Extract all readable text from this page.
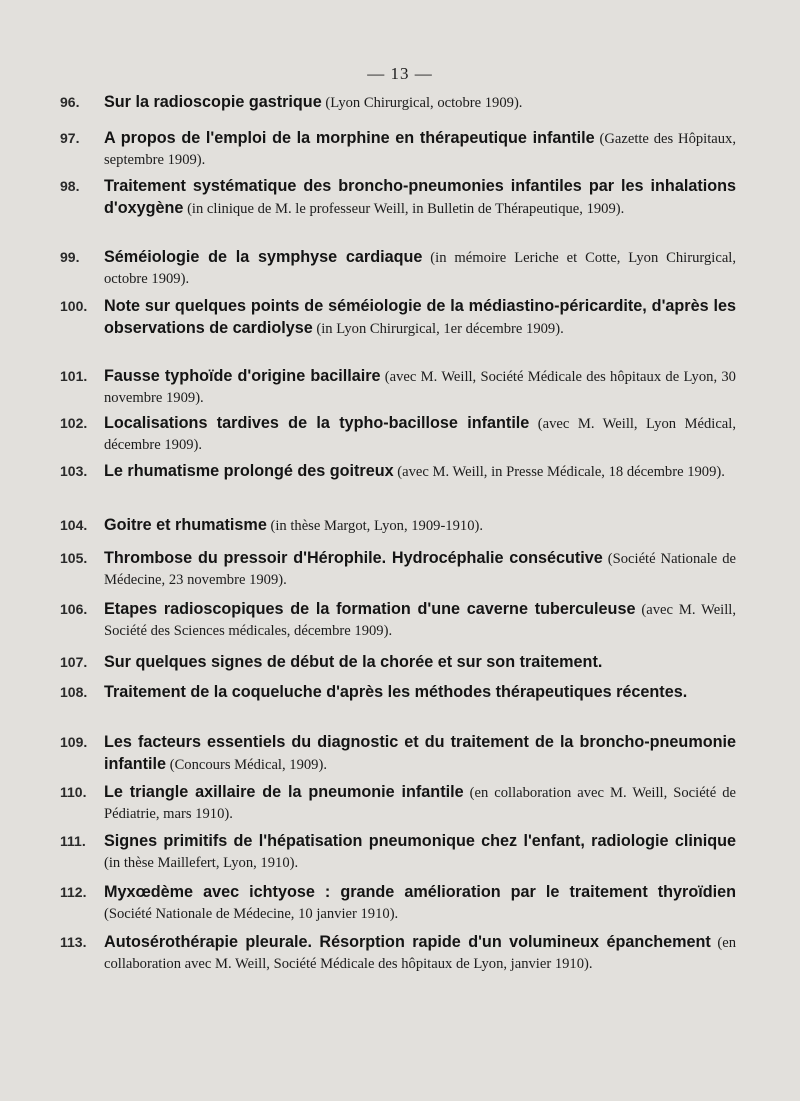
— 13 —
96.	Sur la radioscopie gastrique (Lyon Chirurgical, octobre 1909).
97.	A propos de l'emploi de la morphine en thérapeutique infantile (Gazette des Hôpitaux, septembre 1909).
98.	Traitement systématique des broncho-pneumonies infantiles par les inhalations d'oxygène (in clinique de M. le professeur Weill, in Bulletin de Thérapeutique, 1909).
99.	Séméiologie de la symphyse cardiaque (in mémoire Leriche et Cotte, Lyon Chirurgical, octobre 1909).
100.	Note sur quelques points de séméiologie de la médiastino-péricardite, d'après les observations de cardiolyse (in Lyon Chirurgical, 1er décembre 1909).
101.	Fausse typhoïde d'origine bacillaire (avec M. Weill, Société Médicale des hôpitaux de Lyon, 30 novembre 1909).
102.	Localisations tardives de la typho-bacillose infantile (avec M. Weill, Lyon Médical, décembre 1909).
103.	Le rhumatisme prolongé des goitreux (avec M. Weill, in Presse Médicale, 18 décembre 1909).
104.	Goitre et rhumatisme (in thèse Margot, Lyon, 1909-1910).
105.	Thrombose du pressoir d'Hérophile. Hydrocéphalie consécutive (Société Nationale de Médecine, 23 novembre 1909).
106.	Etapes radioscopiques de la formation d'une caverne tuberculeuse (avec M. Weill, Société des Sciences médicales, décembre 1909).
107.	Sur quelques signes de début de la chorée et sur son traitement.
108.	Traitement de la coqueluche d'après les méthodes thérapeutiques récentes.
109.	Les facteurs essentiels du diagnostic et du traitement de la broncho-pneumonie infantile (Concours Médical, 1909).
110.	Le triangle axillaire de la pneumonie infantile (en collaboration avec M. Weill, Société de Pédiatrie, mars 1910).
111.	Signes primitifs de l'hépatisation pneumonique chez l'enfant, radiologie clinique (in thèse Maillefert, Lyon, 1910).
112.	Myxœdème avec ichtyose : grande amélioration par le traitement thyroïdien (Société Nationale de Médecine, 10 janvier 1910).
113.	Autosérothérapie pleurale. Résorption rapide d'un volumineux épanchement (en collaboration avec M. Weill, Société Médicale des hôpitaux de Lyon, janvier 1910).
